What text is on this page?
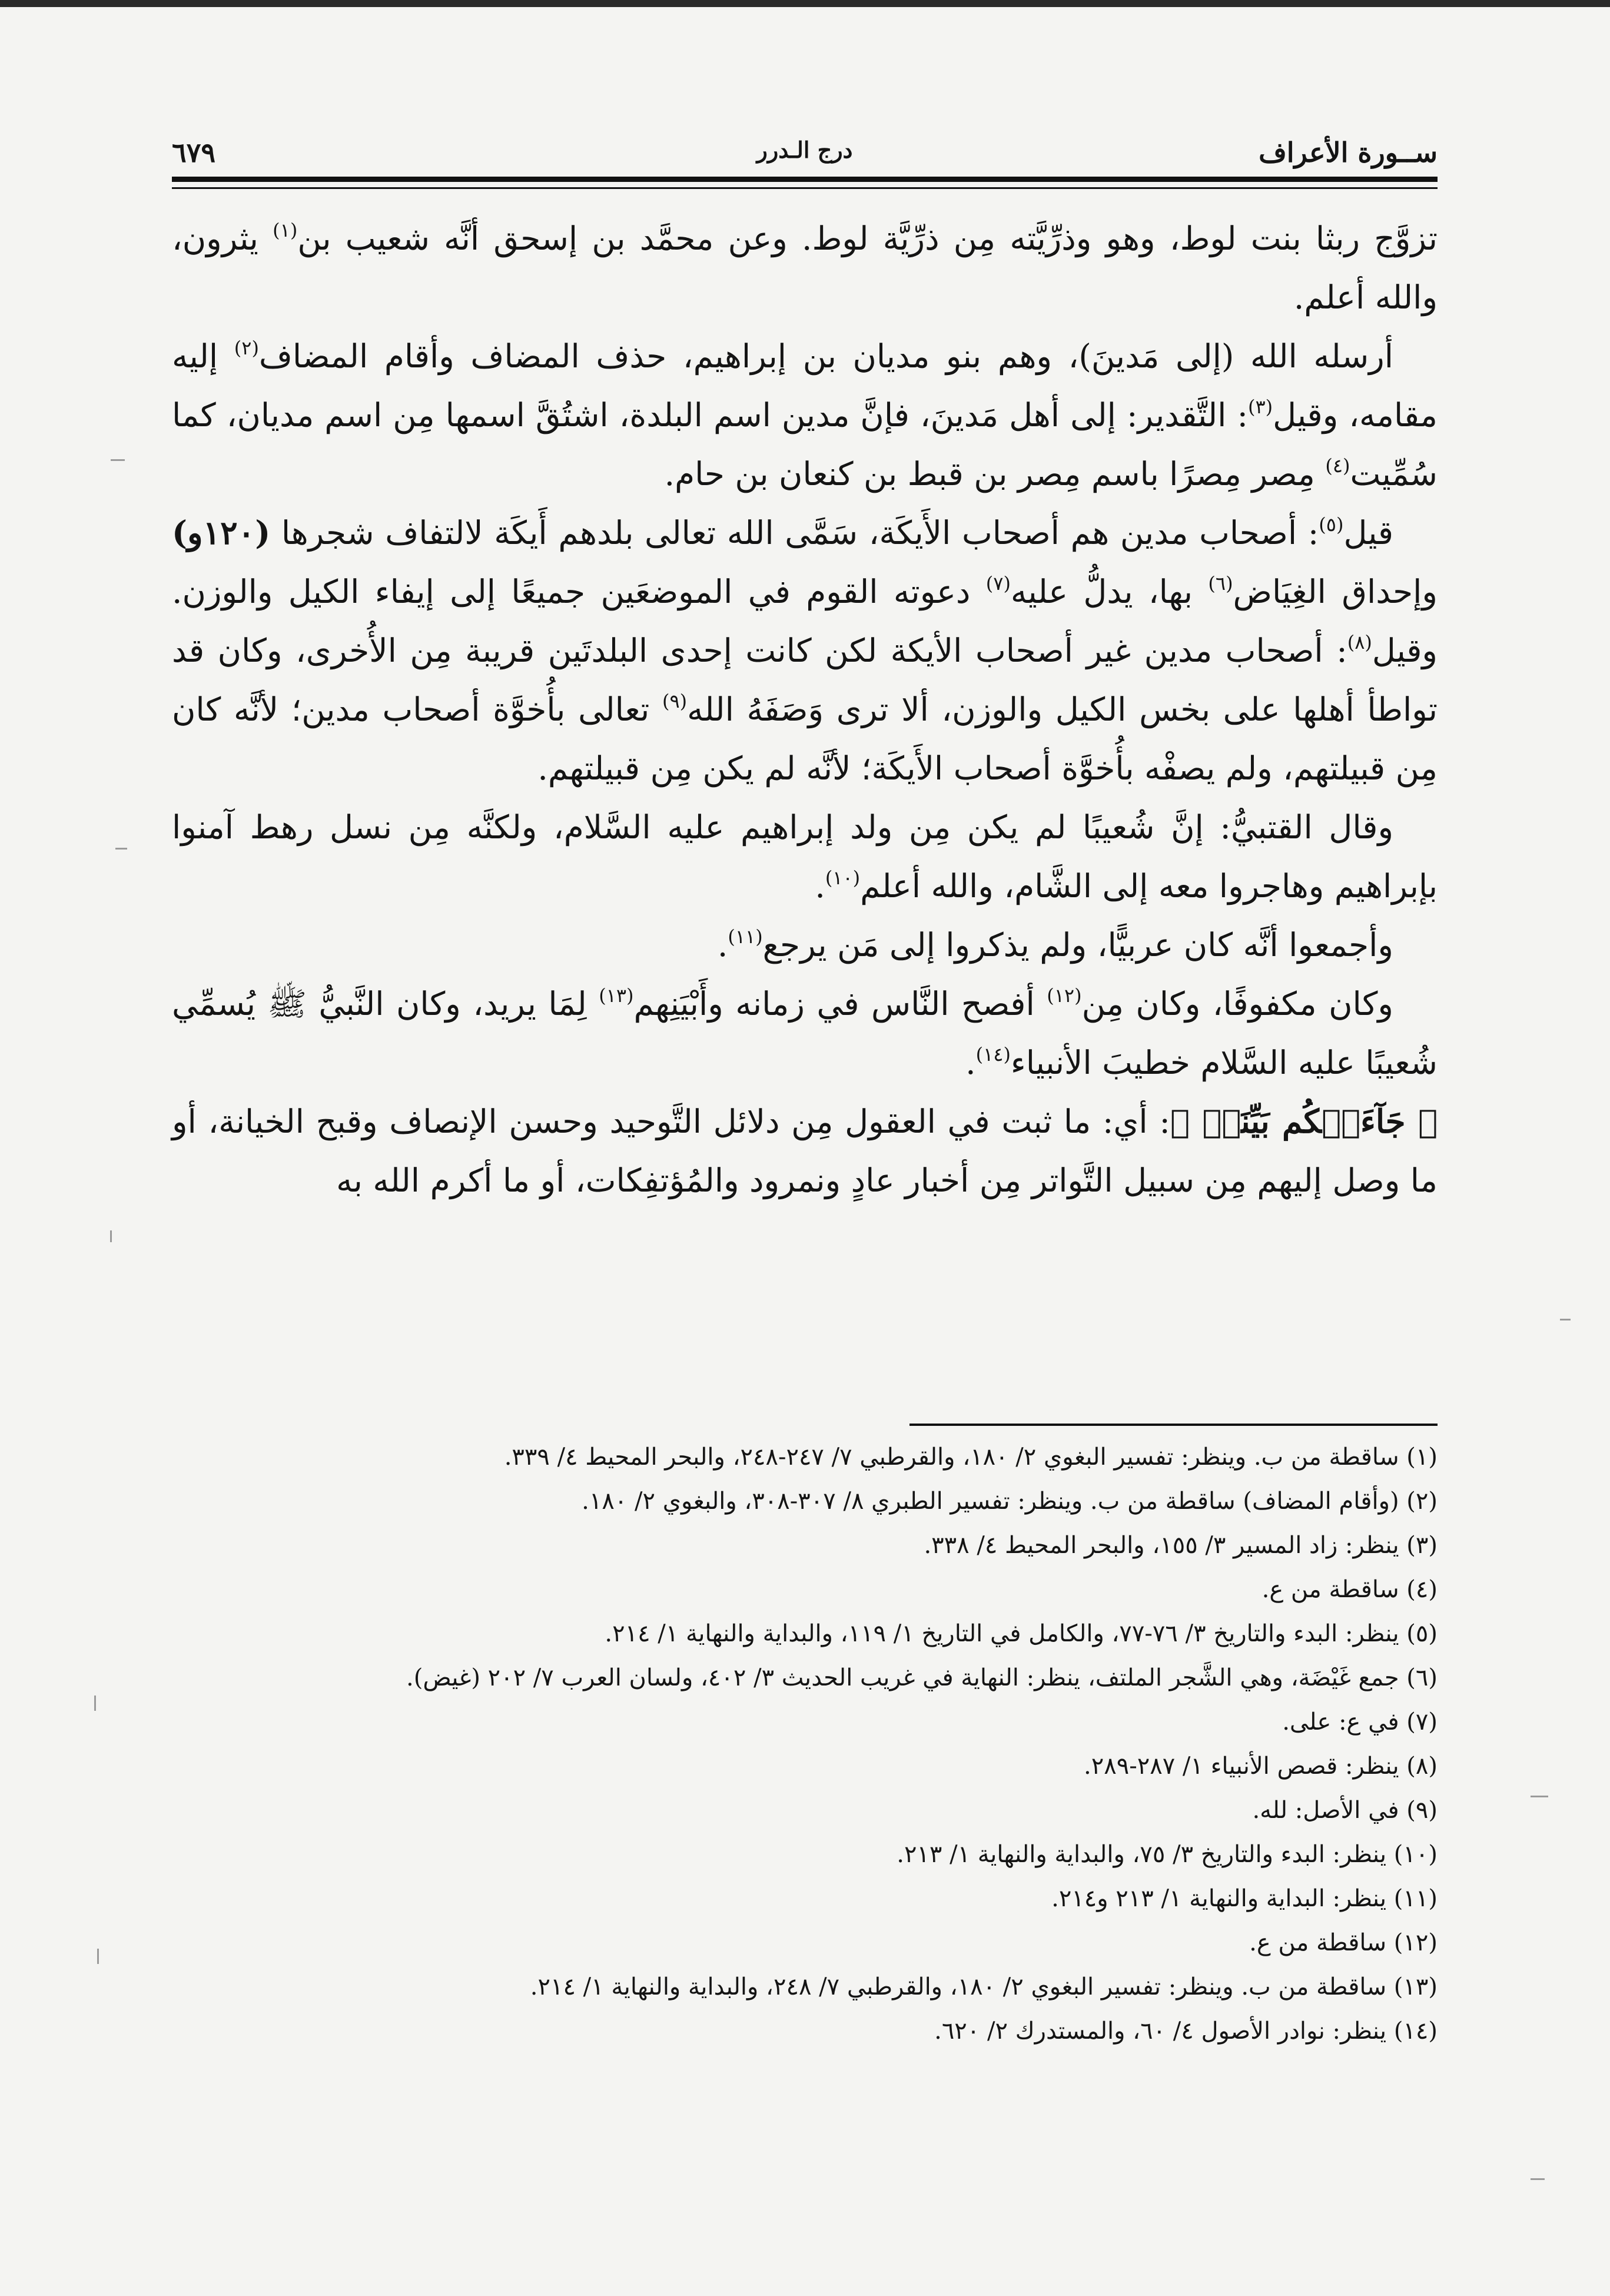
٦٧٩	درج الـدرر	ســورة الأعراف

تزوَّج ربثا بنت لوط، وهو وذرِّيَّته مِن ذرِّيَّة لوط. وعن محمَّد بن إسحق أنَّه شعيب بن$^{(١)}$ يثرون، والله أعلم.

أرسله الله (إلى مَدينَ)، وهم بنو مديان بن إبراهيم، حذف المضاف وأقام المضاف$^{(٢)}$ إليه مقامه، وقيل$^{(٣)}$: التَّقدير: إلى أهل مَدينَ، فإنَّ مدين اسم البلدة، اشتُقَّ اسمها مِن اسم مديان، كما سُمِّيت$^{(٤)}$ مِصر مِصرًا باسم مِصر بن قبط بن كنعان بن حام.

قيل$^{(٥)}$: أصحاب مدين هم أصحاب الأَيكَة، سَمَّى الله تعالى بلدهم أَيكَة لالتفاف شجرها (١٢٠و) وإحداق الغِيَاض$^{(٦)}$ بها، يدلُّ عليه$^{(٧)}$ دعوته القوم في الموضعَين جميعًا إلى إيفاء الكيل والوزن. وقيل$^{(٨)}$: أصحاب مدين غير أصحاب الأيكة لكن كانت إحدى البلدتَين قريبة مِن الأُخرى، وكان قد تواطأ أهلها على بخس الكيل والوزن، ألا ترى وَصَفَهُ الله$^{(٩)}$ تعالى بأُخوَّة أصحاب مدين؛ لأنَّه كان مِن قبيلتهم، ولم يصفْه بأُخوَّة أصحاب الأَيكَة؛ لأنَّه لم يكن مِن قبيلتهم.

وقال القتبيُّ: إنَّ شُعيبًا لم يكن مِن ولد إبراهيم عليه السَّلام، ولكنَّه مِن نسل رهط آمنوا بإبراهيم وهاجروا معه إلى الشَّام، والله أعلم$^{(١٠)}$.

وأجمعوا أنَّه كان عربيًّا، ولم يذكروا إلى مَن يرجع$^{(١١)}$.

وكان مكفوفًا، وكان مِن$^{(١٢)}$ أفصح النَّاس في زمانه وأَبْيَنِهم$^{(١٣)}$ لِمَا يريد، وكان النَّبيُّ ﷺ يُسمِّي شُعيبًا عليه السَّلام خطيبَ الأنبياء$^{(١٤)}$.

﴿ جَآءَتۡكُم بَيِّنَةٞ ﴾: أي: ما ثبت في العقول مِن دلائل التَّوحيد وحسن الإنصاف وقبح الخيانة، أو ما وصل إليهم مِن سبيل التَّواتر مِن أخبار عادٍ ونمرود والمُؤتفِكات، أو ما أكرم الله به

(١) ساقطة من ب. وينظر: تفسير البغوي ٢/ ١٨٠، والقرطبي ٧/ ٢٤٧-٢٤٨، والبحر المحيط ٤/ ٣٣٩.

(٢) (وأقام المضاف) ساقطة من ب. وينظر: تفسير الطبري ٨/ ٣٠٧-٣٠٨، والبغوي ٢/ ١٨٠.

(٣) ينظر: زاد المسير ٣/ ١٥٥، والبحر المحيط ٤/ ٣٣٨.

(٤) ساقطة من ع.

(٥) ينظر: البدء والتاريخ ٣/ ٧٦-٧٧، والكامل في التاريخ ١/ ١١٩، والبداية والنهاية ١/ ٢١٤.

(٦) جمع غَيْضَة، وهي الشَّجر الملتف، ينظر: النهاية في غريب الحديث ٣/ ٤٠٢، ولسان العرب ٧/ ٢٠٢ (غيض).

(٧) في ع: على.

(٨) ينظر: قصص الأنبياء ١/ ٢٨٧-٢٨٩.

(٩) في الأصل: لله.

(١٠) ينظر: البدء والتاريخ ٣/ ٧٥، والبداية والنهاية ١/ ٢١٣.

(١١) ينظر: البداية والنهاية ١/ ٢١٣ و٢١٤.

(١٢) ساقطة من ع.

(١٣) ساقطة من ب. وينظر: تفسير البغوي ٢/ ١٨٠، والقرطبي ٧/ ٢٤٨، والبداية والنهاية ١/ ٢١٤.

(١٤) ينظر: نوادر الأصول ٤/ ٦٠، والمستدرك ٢/ ٦٢٠.
